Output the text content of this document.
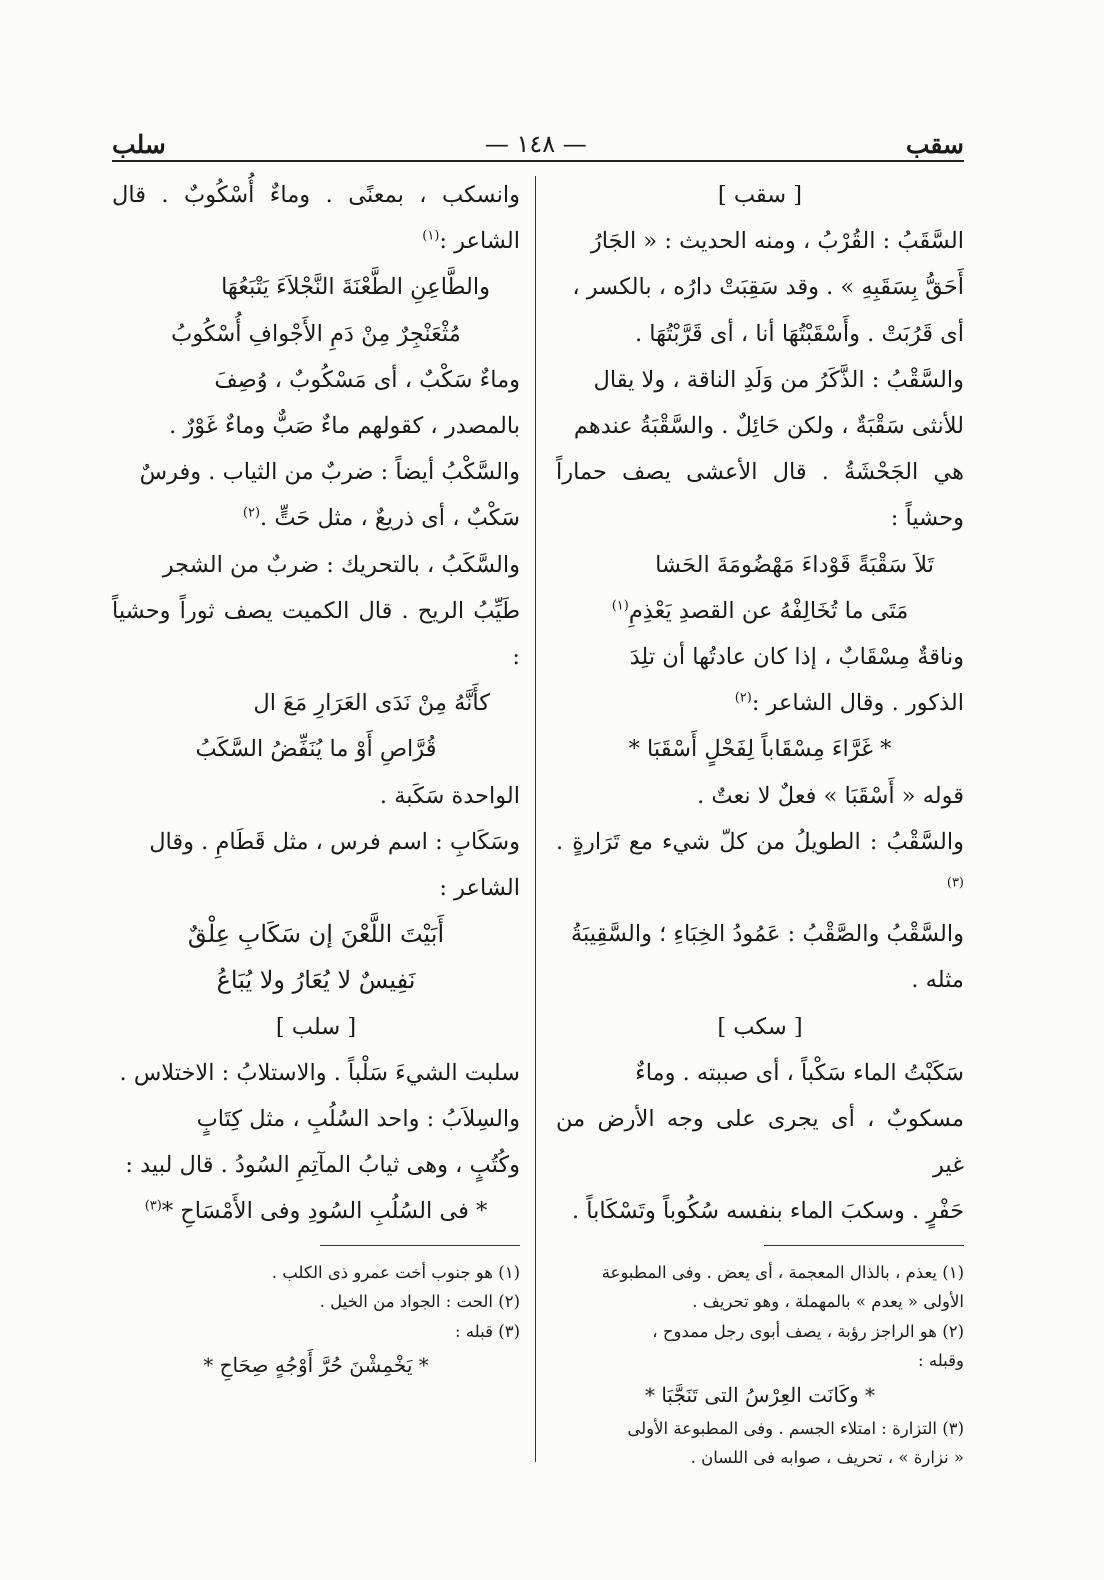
سقب
— ١٤٨ —
سلب

[ سقب ]

السَّقَبُ : القُرْبُ ، ومنه الحديث : « الجَارُ

أَحَقُّ بِسَقَبِهِ » . وقد سَقِبَتْ دارُه ، بالكسر ،

أى قَرُبَتْ . وأَسْقَبْتُهَا أنا ، أى قَرَّبْتُهَا .

والسَّقْبُ : الذَّكَرُ من وَلَدِ الناقة ، ولا يقال

للأنثى سَقْبَةٌ ، ولكن حَائِلٌ . والسَّقْبَةُ عندهم

هي الجَحْشَةُ . قال الأعشى يصف حماراً وحشياً :

تَلاَ سَقْبَةً قَوْداءَ مَهْضُومَةَ الحَشا

مَتَى ما تُخَالِفْهُ عن القصدِ يَعْذِمِ$^{(١)}$

وناقةٌ مِسْقَابٌ ، إذا كان عادتُها أن تلِدَ

الذكور . وقال الشاعر :$^{(٢)}$

* غَرَّاءَ مِسْقَاباً لِفَحْلٍ أَسْقَبَا *

قوله « أَسْقَبَا » فعلٌ لا نعتٌ .

والسَّقْبُ : الطويلُ من كلّ شيء مع تَرَارةٍ .$^{(٣)}$

والسَّقْبُ والصَّقْبُ : عَمُودُ الخِبَاءِ ؛ والسَّقِيبَةُ

مثله .

[ سكب ]

سَكَبْتُ الماء سَكْباً ، أى صببته . وماءٌ

مسكوبٌ ، أى يجرى على وجه الأرض من غير

حَفْرٍ . وسكبَ الماء بنفسه سُكُوباً وتَسْكَاباً .

(١) يعذم ، بالذال المعجمة ، أى يعض . وفى المطبوعة

الأولى « يعدم » بالمهملة ، وهو تحريف .

(٢) هو الراجز رؤبة ، يصف أبوى رجل ممدوح ،

وقبله :

* وكَانَت العِرْسُ التى تَنَجَّبَا *

(٣) التزارة : امتلاء الجسم . وفى المطبوعة الأولى

« نزارة » ، تحريف ، صوابه فى اللسان .

وانسكب ، بمعنًى . وماءٌ أُسْكُوبٌ . قال الشاعر :$^{(١)}$

والطَّاعِنِ الطَّعْنَةَ النَّجْلاَءَ يَتْبَعُهَا

مُثْعَنْجِرٌ مِنْ دَمِ الأَجْوافِ أُسْكُوبُ

وماءٌ سَكْبٌ ، أى مَسْكُوبٌ ، وُصِفَ

بالمصدر ، كقولهم ماءٌ صَبٌّ وماءٌ غَوْرٌ .

والسَّكْبُ أيضاً : ضربٌ من الثياب . وفرسٌ

سَكْبٌ ، أى ذريعٌ ، مثل حَتٍّ .$^{(٢)}$

والسَّكَبُ ، بالتحريك : ضربٌ من الشجر

طَيِّبُ الريح . قال الكميت يصف ثوراً وحشياً :

كأَنَّهُ مِنْ نَدَى العَرَارِ مَعَ ال

قُرَّاصِ أَوْ ما يُنَفِّضُ السَّكَبُ

الواحدة سَكَبة .

وسَكَابِ : اسم فرس ، مثل قَطَامِ . وقال

الشاعر :

أَبَيْتَ اللَّعْنَ إن سَكَابِ عِلْقٌ

نَفِيسٌ لا يُعَارُ ولا يُبَاعُ

[ سلب ]

سلبت الشيءَ سَلْباً . والاستلابُ : الاختلاس .

والسِلاَبُ : واحد السُلُبِ ، مثل كِتَابٍ

وكُتُبٍ ، وهى ثيابُ المآتِمِ السُودُ . قال لبيد :

* فى السُلُبِ السُودِ وفى الأَمْسَاحِ *$^{(٣)}$

(١) هو جنوب أخت عمرو ذى الكلب .

(٢) الحت : الجواد من الخيل .

(٣) قبله :

* يَخْمِشْنَ حُرَّ أَوْجُهٍ صِحَاحِ *
